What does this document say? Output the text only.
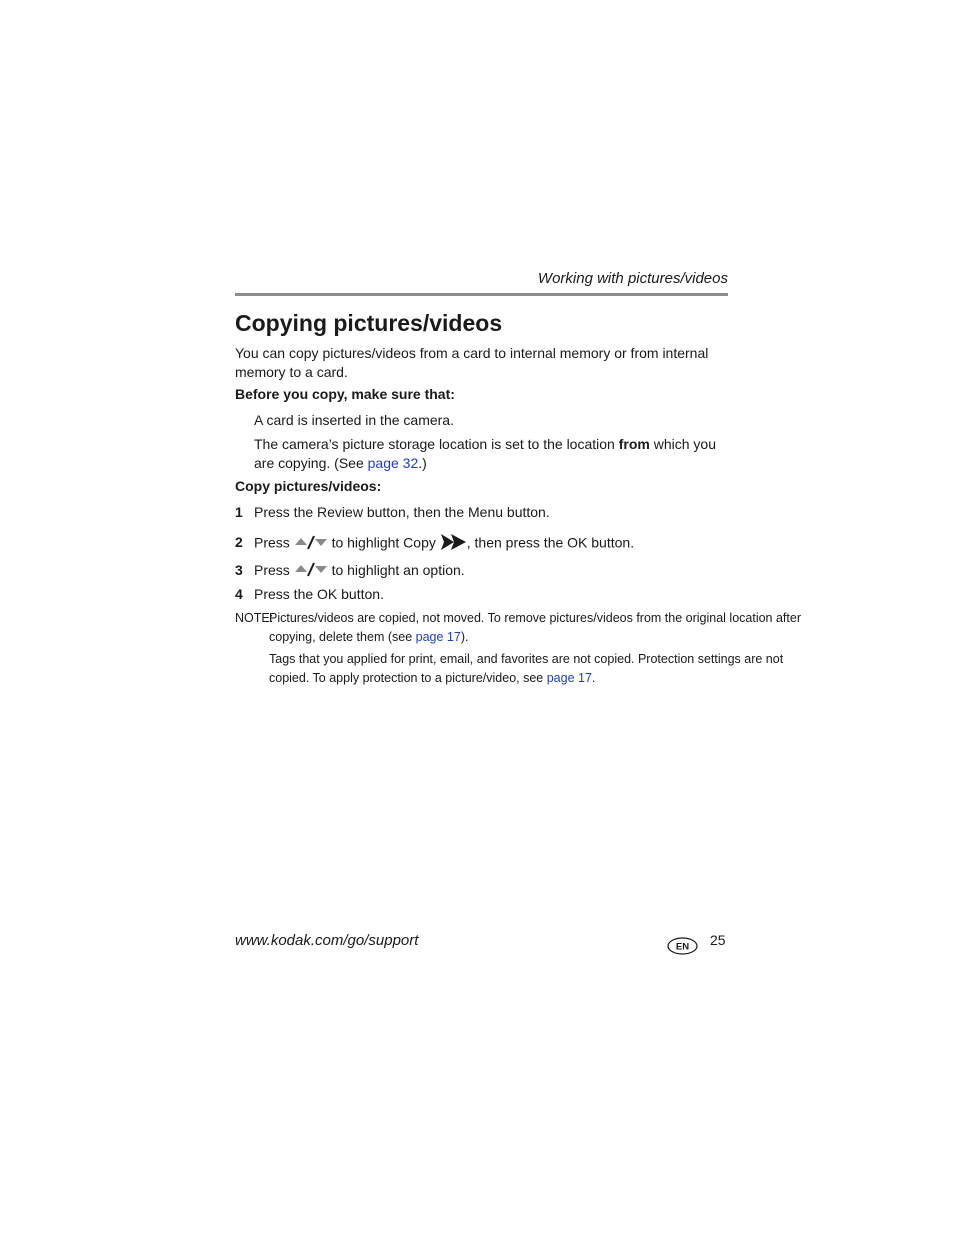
Working with pictures/videos
Copying pictures/videos
You can copy pictures/videos from a card to internal memory or from internal memory to a card.
Before you copy, make sure that:
A card is inserted in the camera.
The camera’s picture storage location is set to the location from which you are copying. (See page 32.)
Copy pictures/videos:
1 Press the Review button, then the Menu button.
2 Press	to highlight Copy , then press the OK button.
3 Press	to highlight an option.
4 Press the OK button.
NOTE:
Pictures/videos are copied, not moved. To remove pictures/videos from the original location after
copying, delete them (see page 17).
Tags that you applied for print, email, and favorites are not copied. Protection settings are not
copied. To apply protection to a picture/video, see page 17.
www.kodak.com/go/support	EN 25
